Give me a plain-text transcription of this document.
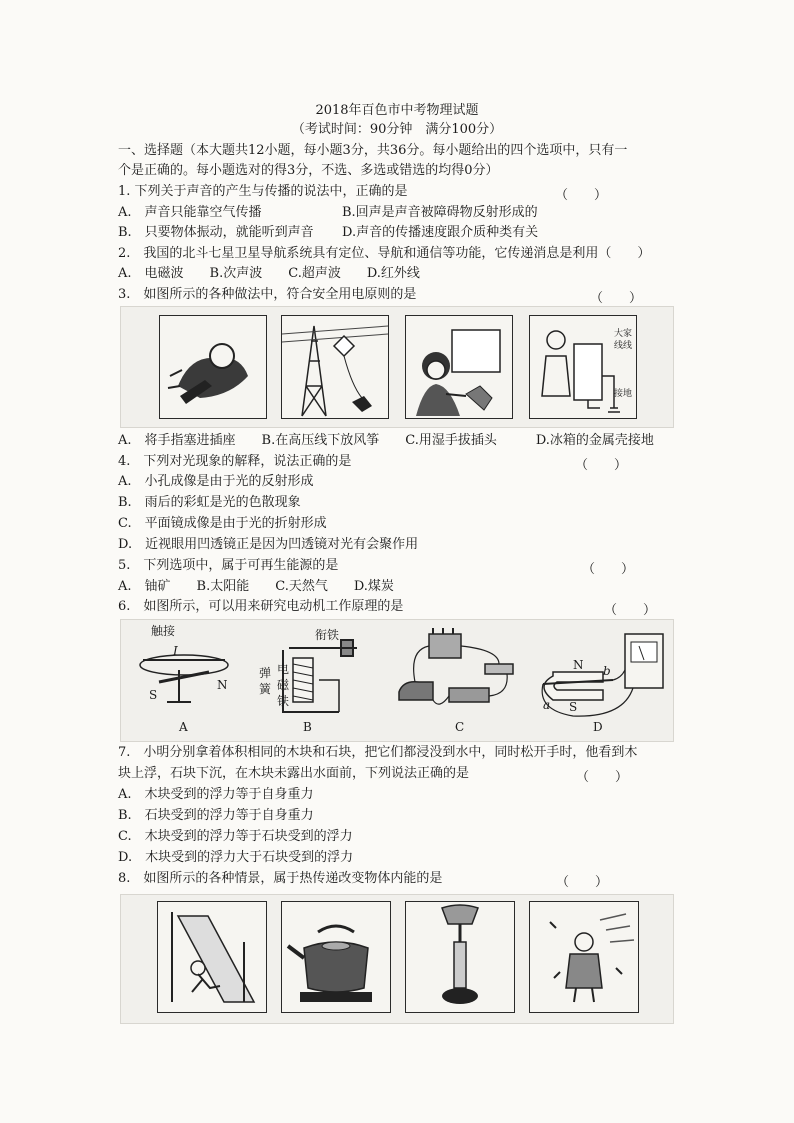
2018年百色市中考物理试题
（考试时间：90分钟　满分100分）
一、选择题（本大题共12小题，每小题3分，共36分。每小题给出的四个选项中，只有一
个是正确的。每小题选对的得3分，不选、多选或错选的均得0分）
1. 下列关于声音的产生与传播的说法中，正确的是	（　　）
A.　声音只能靠空气传播	B.回声是声音被障碍物反射形成的
B.　只要物体振动，就能听到声音 D.声音的传播速度跟介质种类有关
2.　我国的北斗七星卫星导航系统具有定位、导航和通信等功能，它传递消息是利用（　　）
A.　电磁波　　B.次声波　　C.超声波　　D.红外线
3.　如图所示的各种做法中，符合安全用电原则的是	（　　）
大家
线线
接地
A.　将手指塞进插座　　B.在高压线下放风筝　　C.用湿手拔插头　　　D.冰箱的金属壳接地
4.　下列对光现象的解释，说法正确的是	（　　）
A.　小孔成像是由于光的反射形成
B.　雨后的彩虹是光的色散现象
C.　平面镜成像是由于光的折射形成
D.　近视眼用凹透镜正是因为凹透镜对光有会聚作用
5.　下列选项中，属于可再生能源的是	（　　）
A.　铀矿　　B.太阳能　　C.天然气　　D.煤炭
6.　如图所示，可以用来研究电动机工作原理的是	（　　）
触接
I
S
N
A
衔铁
弹
簧
电
磁
铁
B	C
N b
a S
D
7.　小明分别拿着体积相同的木块和石块，把它们都浸没到水中，同时松开手时，他看到木
块上浮，石块下沉，在木块未露出水面前，下列说法正确的是	（　　）
A.　木块受到的浮力等于自身重力
B.　石块受到的浮力等于自身重力
C.　木块受到的浮力等于石块受到的浮力
D.　木块受到的浮力大于石块受到的浮力
8.　如图所示的各种情景，属于热传递改变物体内能的是	（　　）
